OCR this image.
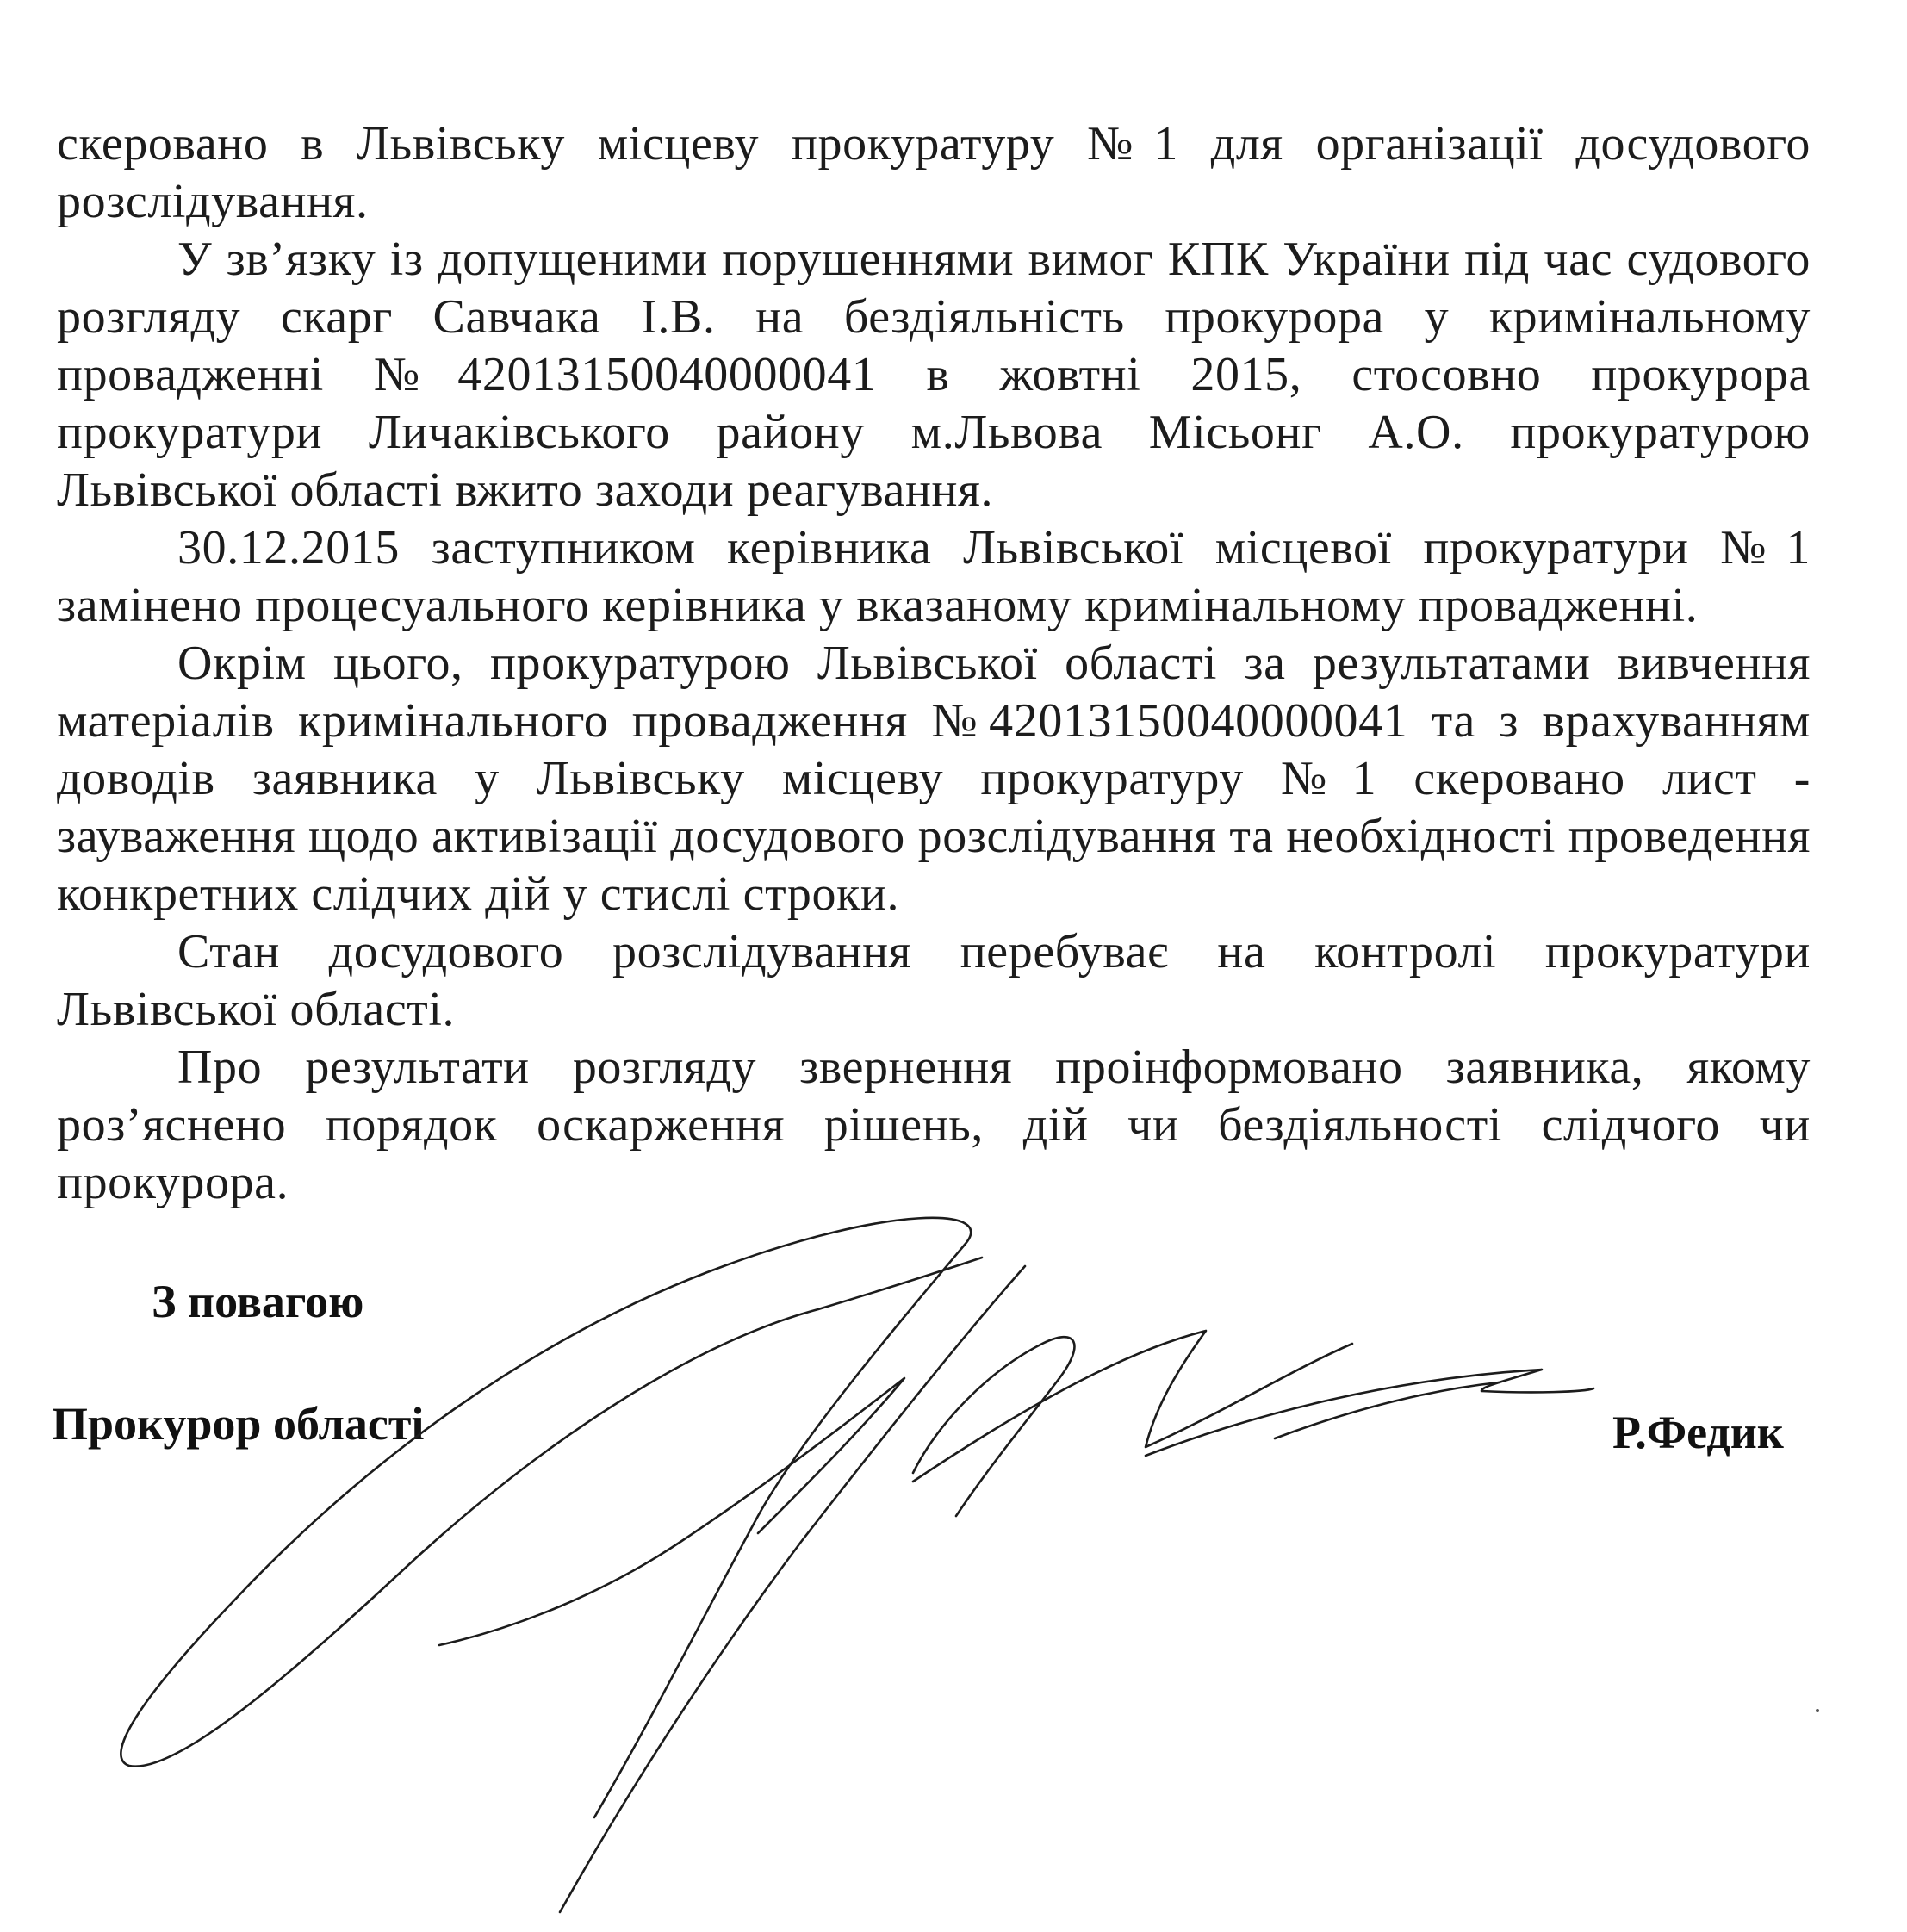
скеровано в Львівську місцеву прокуратуру №1 для організації досудового розслідування.

У зв’язку із допущеними порушеннями вимог КПК України під час судового розгляду скарг Савчака І.В. на бездіяльність прокурора у кримінальному провадженні №42013150040000041 в жовтні 2015, стосовно прокурора прокуратури Личаківського району м.Львова Місьонг А.О. прокуратурою Львівської області вжито заходи реагування.

30.12.2015 заступником керівника Львівської місцевої прокуратури №1 замінено процесуального керівника у вказаному кримінальному провадженні.

Окрім цього, прокуратурою Львівської області за результатами вивчення матеріалів кримінального провадження №42013150040000041 та з врахуванням доводів заявника у Львівську місцеву прокуратуру №1 скеровано лист - зауваження щодо активізації досудового розслідування та необхідності проведення конкретних слідчих дій у стислі строки.

Стан досудового розслідування перебуває на контролі прокуратури Львівської області.

Про результати розгляду звернення проінформовано заявника, якому роз’яснено порядок оскарження рішень, дій чи бездіяльності слідчого чи прокурора.

З повагою
Прокурор області	Р.Федик
